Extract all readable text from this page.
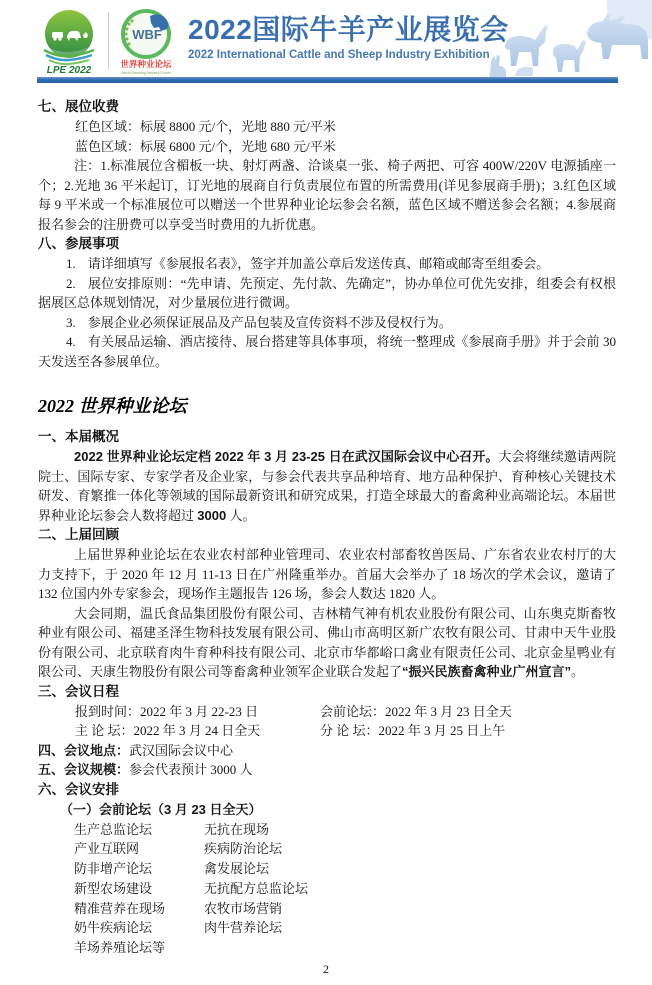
LPE 2022
WBF
世界种业论坛
World Breeding Industry Forum
2022国际牛羊产业展览会
2022 International Cattle and Sheep Industry Exhibition
七、展位收费

红色区域：标展 8800 元/个，光地 880 元/平米

蓝色区域：标展 6800 元/个，光地 680 元/平米

注：1.标准展位含楣板一块、射灯两盏、洽谈桌一张、椅子两把、可容 400W/220V 电源插座一个；2.光地 36 平米起订，订光地的展商自行负责展位布置的所需费用(详见参展商手册)；3.红色区域每 9 平米或一个标准展位可以赠送一个世界种业论坛参会名额，蓝色区域不赠送参会名额；4.参展商报名参会的注册费可以享受当时费用的九折优惠。

八、参展事项

1. 请详细填写《参展报名表》，签字并加盖公章后发送传真、邮箱或邮寄至组委会。

2. 展位安排原则：“先申请、先预定、先付款、先确定”，协办单位可优先安排，组委会有权根据展区总体规划情况，对少量展位进行微调。

3. 参展企业必须保证展品及产品包装及宣传资料不涉及侵权行为。

4. 有关展品运输、酒店接待、展台搭建等具体事项，将统一整理成《参展商手册》并于会前 30 天发送至各参展单位。

2022 世界种业论坛
一、本届概况

2022 世界种业论坛定档 2022 年 3 月 23-25 日在武汉国际会议中心召开。大会将继续邀请两院院士、国际专家、专家学者及企业家，与参会代表共享品种培育、地方品种保护、育种核心关键技术研发、育繁推一体化等领域的国际最新资讯和研究成果，打造全球最大的畜禽种业高端论坛。本届世界种业论坛参会人数将超过 3000 人。

二、上届回顾

上届世界种业论坛在农业农村部种业管理司、农业农村部畜牧兽医局、广东省农业农村厅的大力支持下，于 2020 年 12 月 11-13 日在广州隆重举办。首届大会举办了 18 场次的学术会议，邀请了 132 位国内外专家参会，现场作主题报告 126 场，参会人数达 1820 人。

大会同期，温氏食品集团股份有限公司、吉林精气神有机农业股份有限公司、山东奥克斯畜牧种业有限公司、福建圣泽生物科技发展有限公司、佛山市高明区新广农牧有限公司、甘肃中天牛业股份有限公司、北京联育肉牛育种科技有限公司、北京市华都峪口禽业有限责任公司、北京金星鸭业有限公司、天康生物股份有限公司等畜禽种业领军企业联合发起了“振兴民族畜禽种业广州宣言”。

三、会议日程

报到时间：2022 年 3 月 22-23 日	会前论坛：2022 年 3 月 23 日全天

主 论 坛：2022 年 3 月 24 日全天	分 论 坛：2022 年 3 月 25 日上午

四、会议地点：武汉国际会议中心

五、会议规模：参会代表预计 3000 人

六、会议安排

（一）会前论坛（3 月 23 日全天）

生产总监论坛	无抗在现场

产业互联网	疾病防治论坛

防非增产论坛	禽发展论坛

新型农场建设	无抗配方总监论坛

精准营养在现场	农牧市场营销

奶牛疾病论坛	肉牛营养论坛

羊场养殖论坛等

2
